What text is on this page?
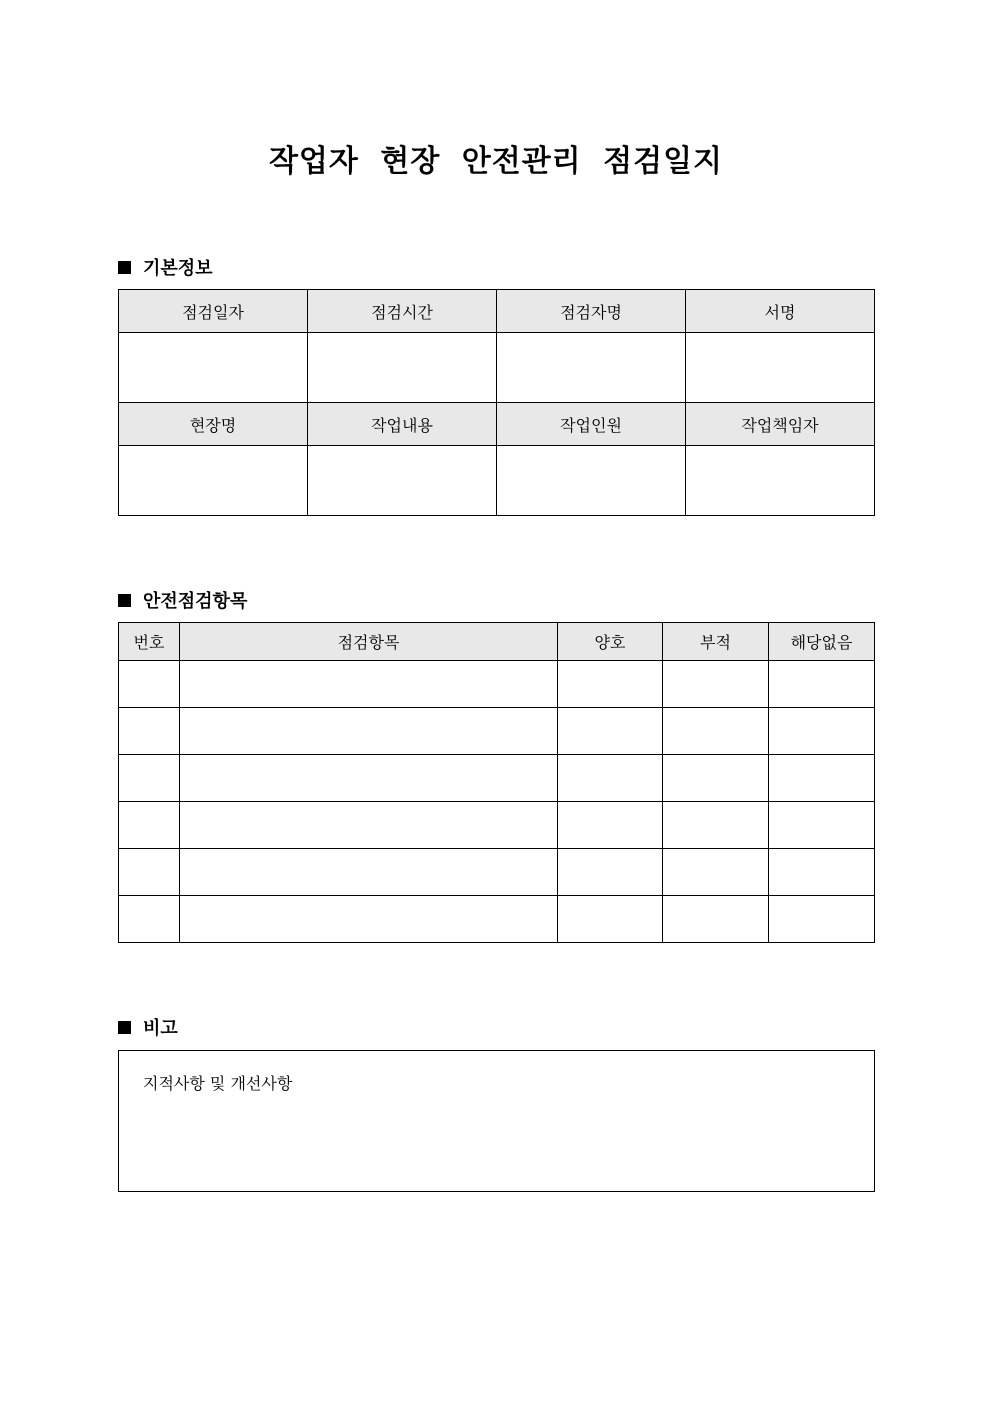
작업자 현장 안전관리 점검일지
기본정보
점검일자	점검시간	점검자명	서명

현장명	작업내용	작업인원	작업책임자

안전점검항목
번호	점검항목	양호	부적	해당없음

비고
지적사항 및 개선사항
